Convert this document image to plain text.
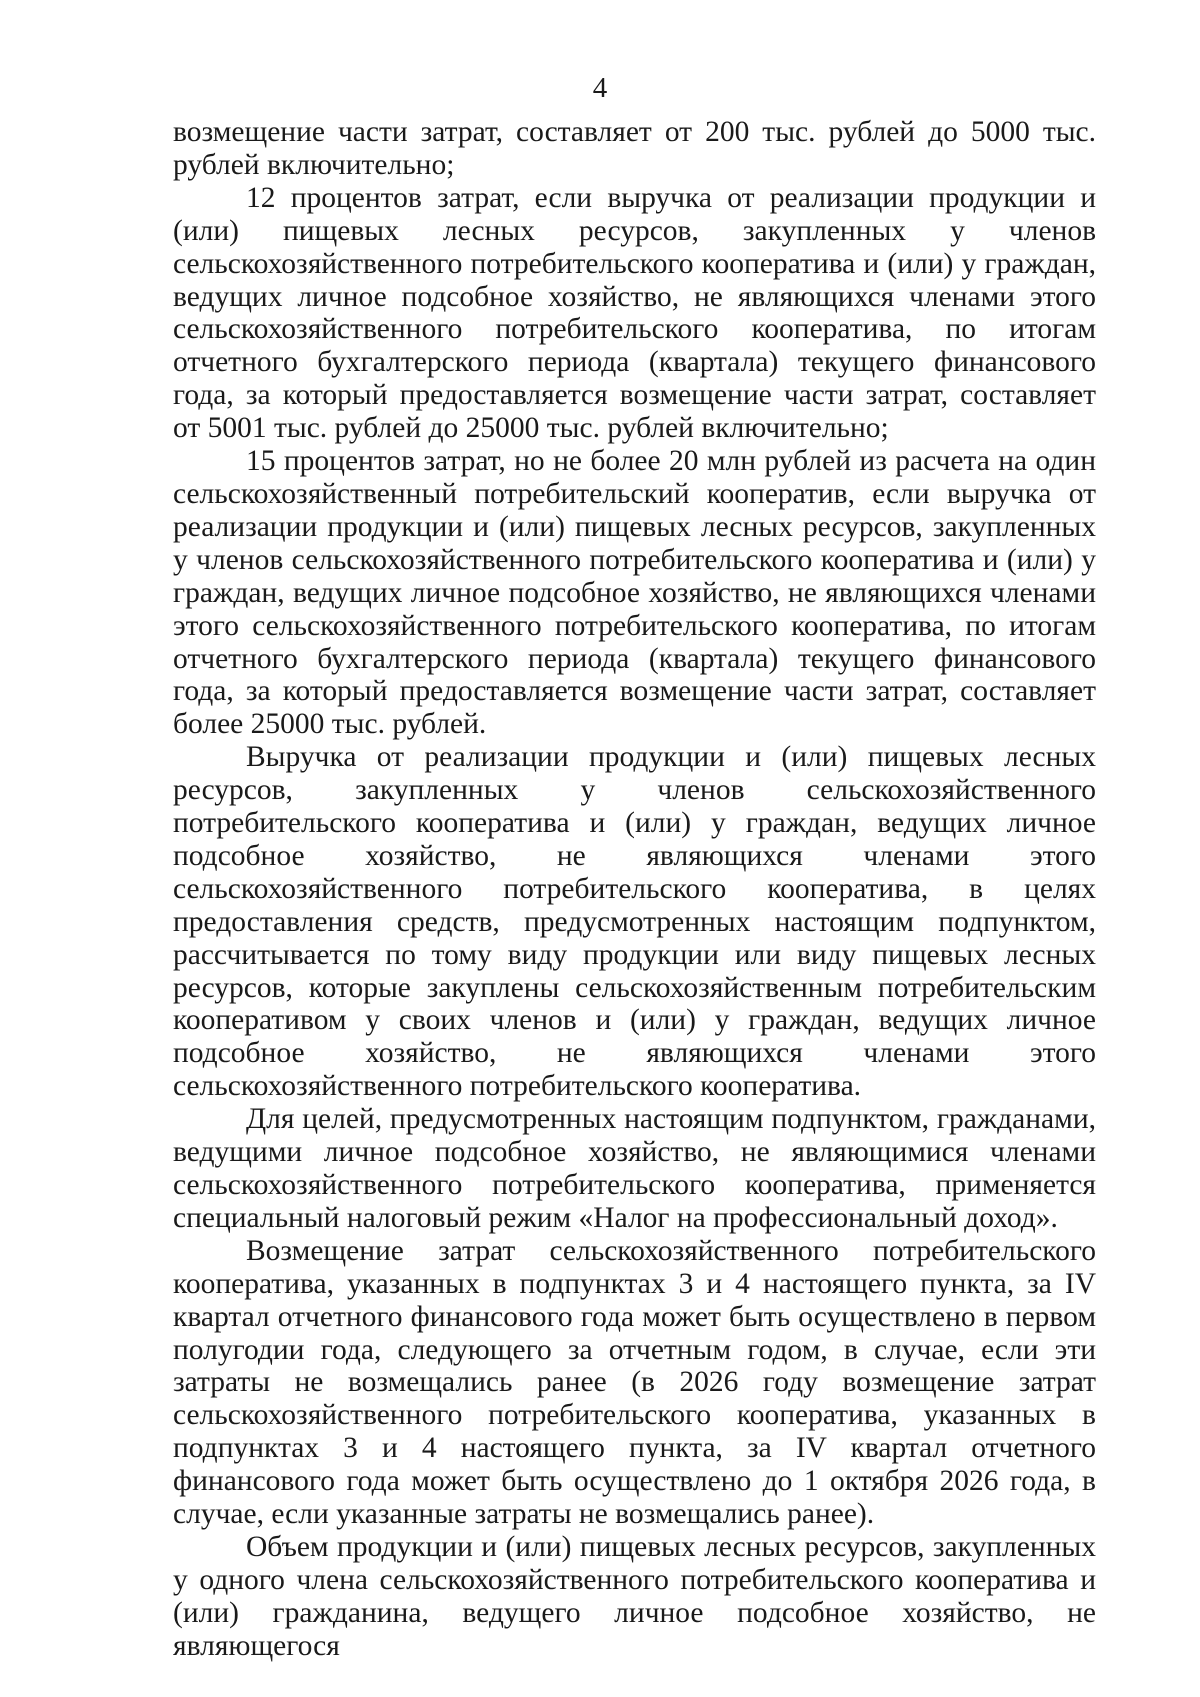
4

возмещение части затрат, составляет от 200 тыс. рублей до 5000 тыс. рублей включительно;

12 процентов затрат, если выручка от реализации продукции и (или) пищевых лесных ресурсов, закупленных у членов сельскохозяйственного потребительского кооператива и (или) у граждан, ведущих личное подсобное хозяйство, не являющихся членами этого сельскохозяйственного потребительского кооператива, по итогам отчетного бухгалтерского периода (квартала) текущего финансового года, за который предоставляется возмещение части затрат, составляет от 5001 тыс. рублей до 25000 тыс. рублей включительно;

15 процентов затрат, но не более 20 млн рублей из расчета на один сельскохозяйственный потребительский кооператив, если выручка от реализации продукции и (или) пищевых лесных ресурсов, закупленных у членов сельскохозяйственного потребительского кооператива и (или) у граждан, ведущих личное подсобное хозяйство, не являющихся членами этого сельскохозяйственного потребительского кооператива, по итогам отчетного бухгалтерского периода (квартала) текущего финансового года, за который предоставляется возмещение части затрат, составляет более 25000 тыс. рублей.

Выручка от реализации продукции и (или) пищевых лесных ресурсов, закупленных у членов сельскохозяйственного потребительского кооператива и (или) у граждан, ведущих личное подсобное хозяйство, не являющихся членами этого сельскохозяйственного потребительского кооператива, в целях предоставления средств, предусмотренных настоящим подпунктом, рассчитывается по тому виду продукции или виду пищевых лесных ресурсов, которые закуплены сельскохозяйственным потребительским кооперативом у своих членов и (или) у граждан, ведущих личное подсобное хозяйство, не являющихся членами этого сельскохозяйственного потребительского кооператива.

Для целей, предусмотренных настоящим подпунктом, гражданами, ведущими личное подсобное хозяйство, не являющимися членами сельскохозяйственного потребительского кооператива, применяется специальный налоговый режим «Налог на профессиональный доход».

Возмещение затрат сельскохозяйственного потребительского кооператива, указанных в подпунктах 3 и 4 настоящего пункта, за IV квартал отчетного финансового года может быть осуществлено в первом полугодии года, следующего за отчетным годом, в случае, если эти затраты не возмещались ранее (в 2026 году возмещение затрат сельскохозяйственного потребительского кооператива, указанных в подпунктах 3 и 4 настоящего пункта, за IV квартал отчетного финансового года может быть осуществлено до 1 октября 2026 года, в случае, если указанные затраты не возмещались ранее).

Объем продукции и (или) пищевых лесных ресурсов, закупленных у одного члена сельскохозяйственного потребительского кооператива и (или) гражданина, ведущего личное подсобное хозяйство, не являющегося
